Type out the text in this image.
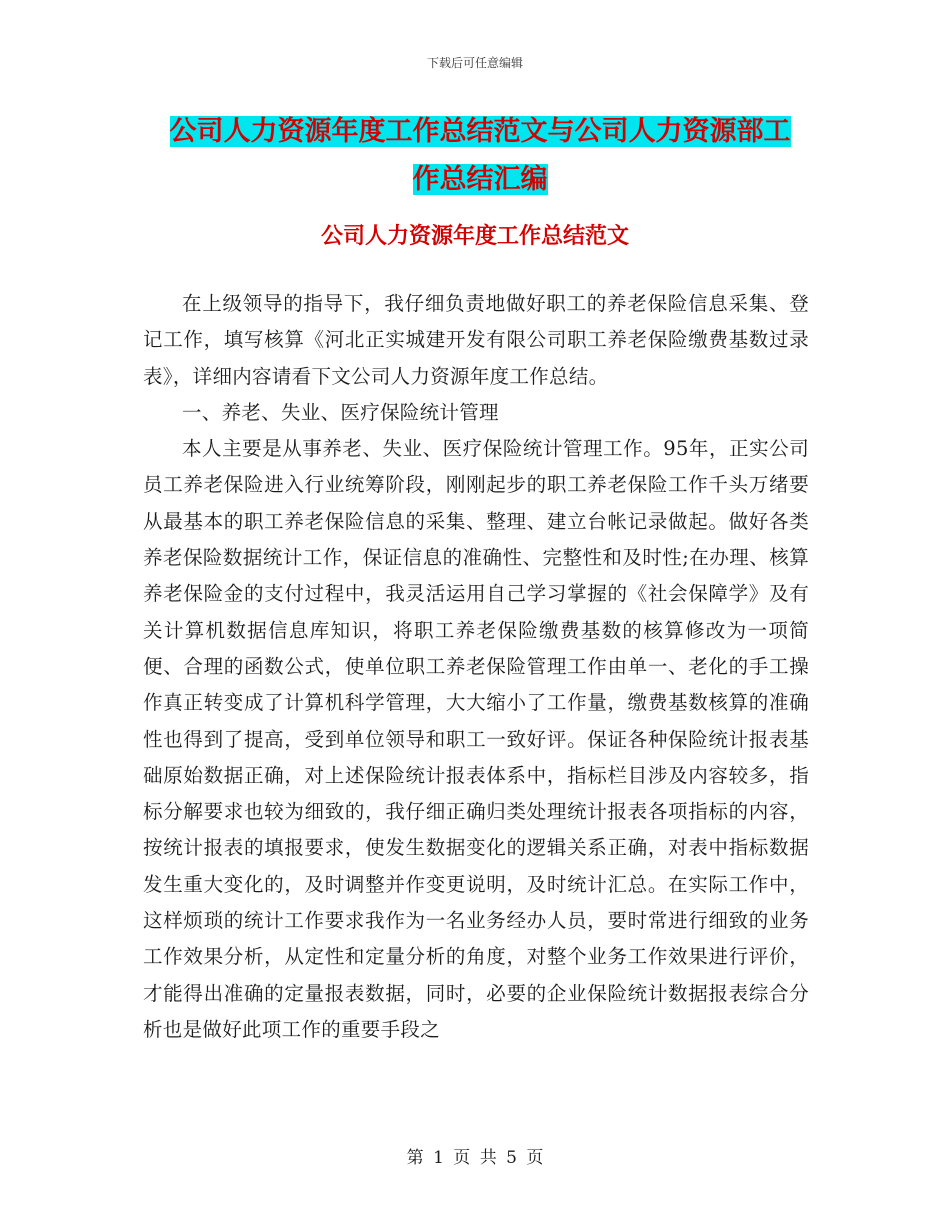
下载后可任意编辑
公司人力资源年度工作总结范文与公司人力资源部工
作总结汇编
公司人力资源年度工作总结范文

在上级领导的指导下，我仔细负责地做好职工的养老保险信息采集、登记工作，填写核算《河北正实城建开发有限公司职工养老保险缴费基数过录表》，详细内容请看下文公司人力资源年度工作总结。

一、养老、失业、医疗保险统计管理

本人主要是从事养老、失业、医疗保险统计管理工作。95年，正实公司员工养老保险进入行业统筹阶段，刚刚起步的职工养老保险工作千头万绪要从最基本的职工养老保险信息的采集、整理、建立台帐记录做起。做好各类养老保险数据统计工作，保证信息的准确性、完整性和及时性;在办理、核算养老保险金的支付过程中，我灵活运用自己学习掌握的《社会保障学》及有关计算机数据信息库知识，将职工养老保险缴费基数的核算修改为一项简便、合理的函数公式，使单位职工养老保险管理工作由单一、老化的手工操作真正转变成了计算机科学管理，大大缩小了工作量，缴费基数核算的准确性也得到了提高，受到单位领导和职工一致好评。保证各种保险统计报表基础原始数据正确，对上述保险统计报表体系中，指标栏目涉及内容较多，指标分解要求也较为细致的，我仔细正确归类处理统计报表各项指标的内容，按统计报表的填报要求，使发生数据变化的逻辑关系正确，对表中指标数据发生重大变化的，及时调整并作变更说明，及时统计汇总。在实际工作中，这样烦琐的统计工作要求我作为一名业务经办人员，要时常进行细致的业务工作效果分析，从定性和定量分析的角度，对整个业务工作效果进行评价，才能得出准确的定量报表数据，同时，必要的企业保险统计数据报表综合分析也是做好此项工作的重要手段之

第 1 页 共 5 页
